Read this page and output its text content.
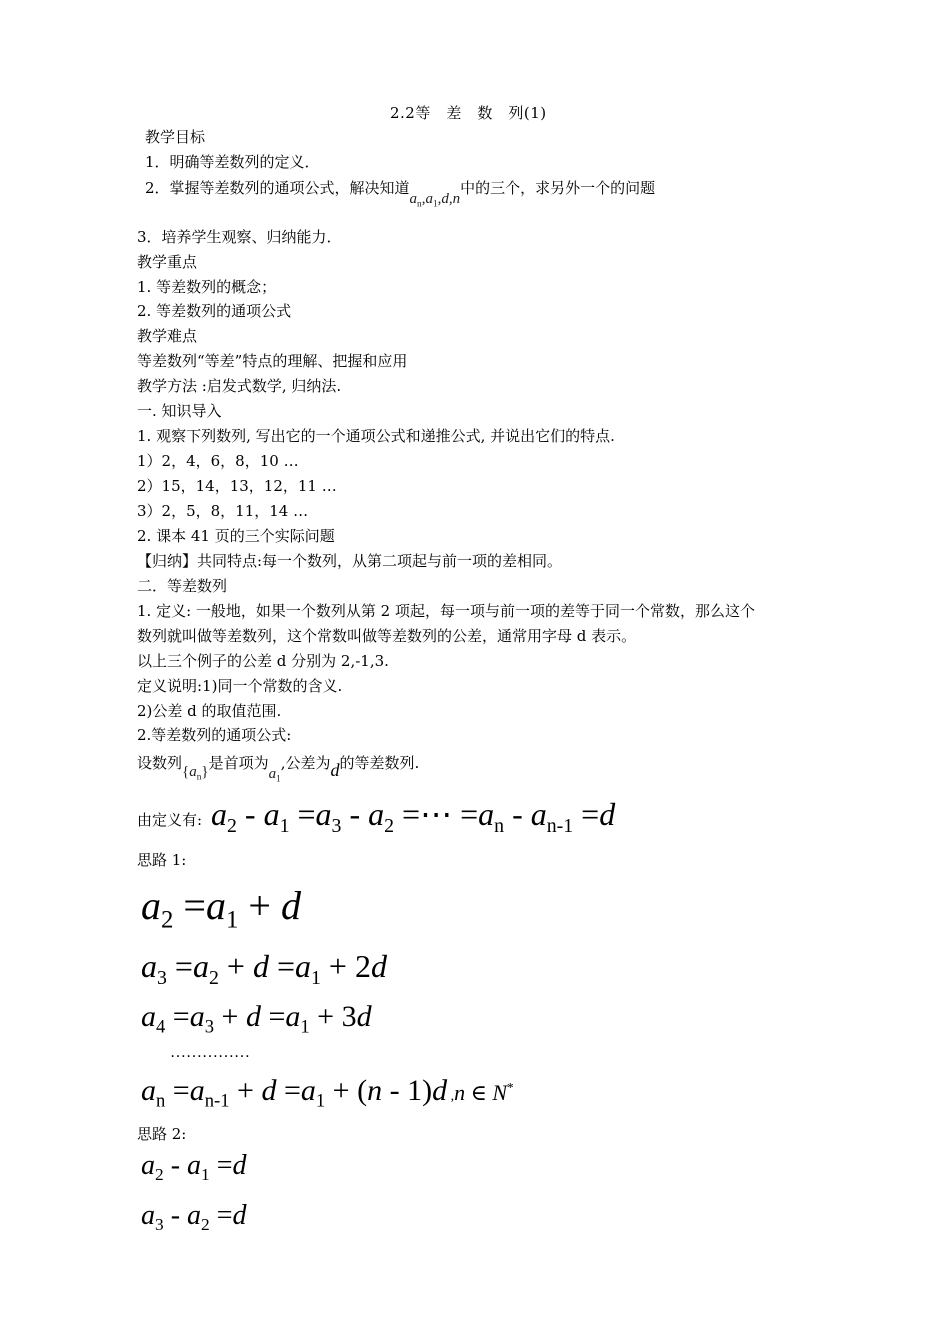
2.2等　差　数　列(1)
教学目标
1．明确等差数列的定义．
2．掌握等差数列的通项公式，解决知道$a_n,a_1,d,n$中的三个，求另外一个的问题
3．培养学生观察、归纳能力．
教学重点
1. 等差数列的概念；
2. 等差数列的通项公式
教学难点
等差数列“等差”特点的理解、把握和应用
教学方法 :启发式数学, 归纳法.
一. 知识导入
1. 观察下列数列, 写出它的一个通项公式和递推公式, 并说出它们的特点.
1）2，4，6，8，10 …
2）15，14，13，12，11 …
3）2，5，8，11，14 …
2. 课本 41 页的三个实际问题
【归纳】共同特点:每一个数列，从第二项起与前一项的差相同。
二．等差数列
1. 定义: 一般地，如果一个数列从第 2 项起，每一项与前一项的差等于同一个常数，那么这个
数列就叫做等差数列，这个常数叫做等差数列的公差，通常用字母 d 表示。
以上三个例子的公差 d 分别为 2,-1,3.
定义说明:1)同一个常数的含义.
2)公差 d 的取值范围.
2.等差数列的通项公式:
设数列$\{a_n\}$是首项为$a_1$,公差为d的等差数列.
由定义有: $a_2 - a_1 =a_3 - a_2$ =⋯ $=a_n - a_{n-1} =d$
思路 1:
$a_2 =a_1 + d$
$a_3 =a_2 + d =a_1 + 2d$
$a_4 =a_3 + d =a_1 + 3d$
……………
$a_n =a_{n-1} + d =a_1 + (n - 1)d$ ,n ∈ N*
思路 2:
$a_2 - a_1 =d$
$a_3 - a_2 =d$
